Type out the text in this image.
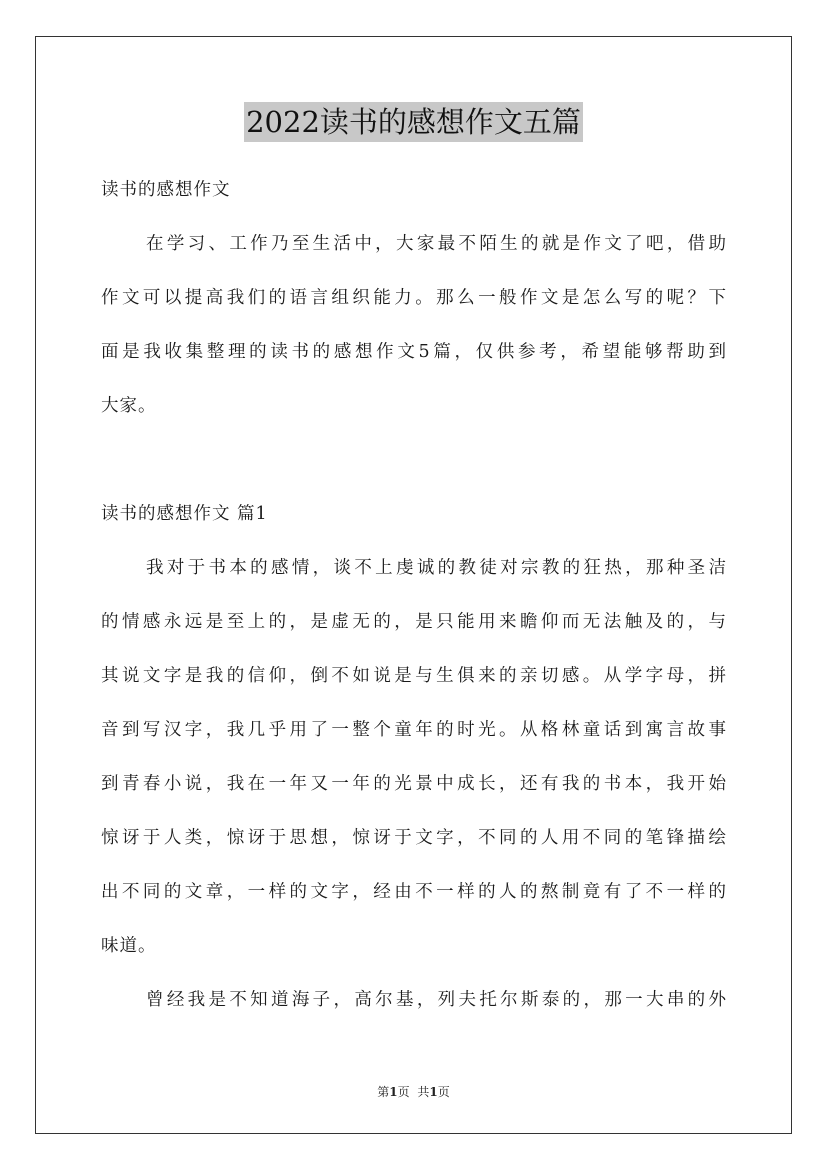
2022读书的感想作文五篇
读书的感想作文
在学习、工作乃至生活中，大家最不陌生的就是作文了吧，借助
作文可以提高我们的语言组织能力。那么一般作文是怎么写的呢？下
面是我收集整理的读书的感想作文5篇，仅供参考，希望能够帮助到
大家。
读书的感想作文 篇1
我对于书本的感情，谈不上虔诚的教徒对宗教的狂热，那种圣洁
的情感永远是至上的，是虚无的，是只能用来瞻仰而无法触及的，与
其说文字是我的信仰，倒不如说是与生俱来的亲切感。从学字母，拼
音到写汉字，我几乎用了一整个童年的时光。从格林童话到寓言故事
到青春小说，我在一年又一年的光景中成长，还有我的书本，我开始
惊讶于人类，惊讶于思想，惊讶于文字，不同的人用不同的笔锋描绘
出不同的文章，一样的文字，经由不一样的人的熬制竟有了不一样的
味道。
曾经我是不知道海子，高尔基，列夫托尔斯泰的，那一大串的外
第1页 共1页
